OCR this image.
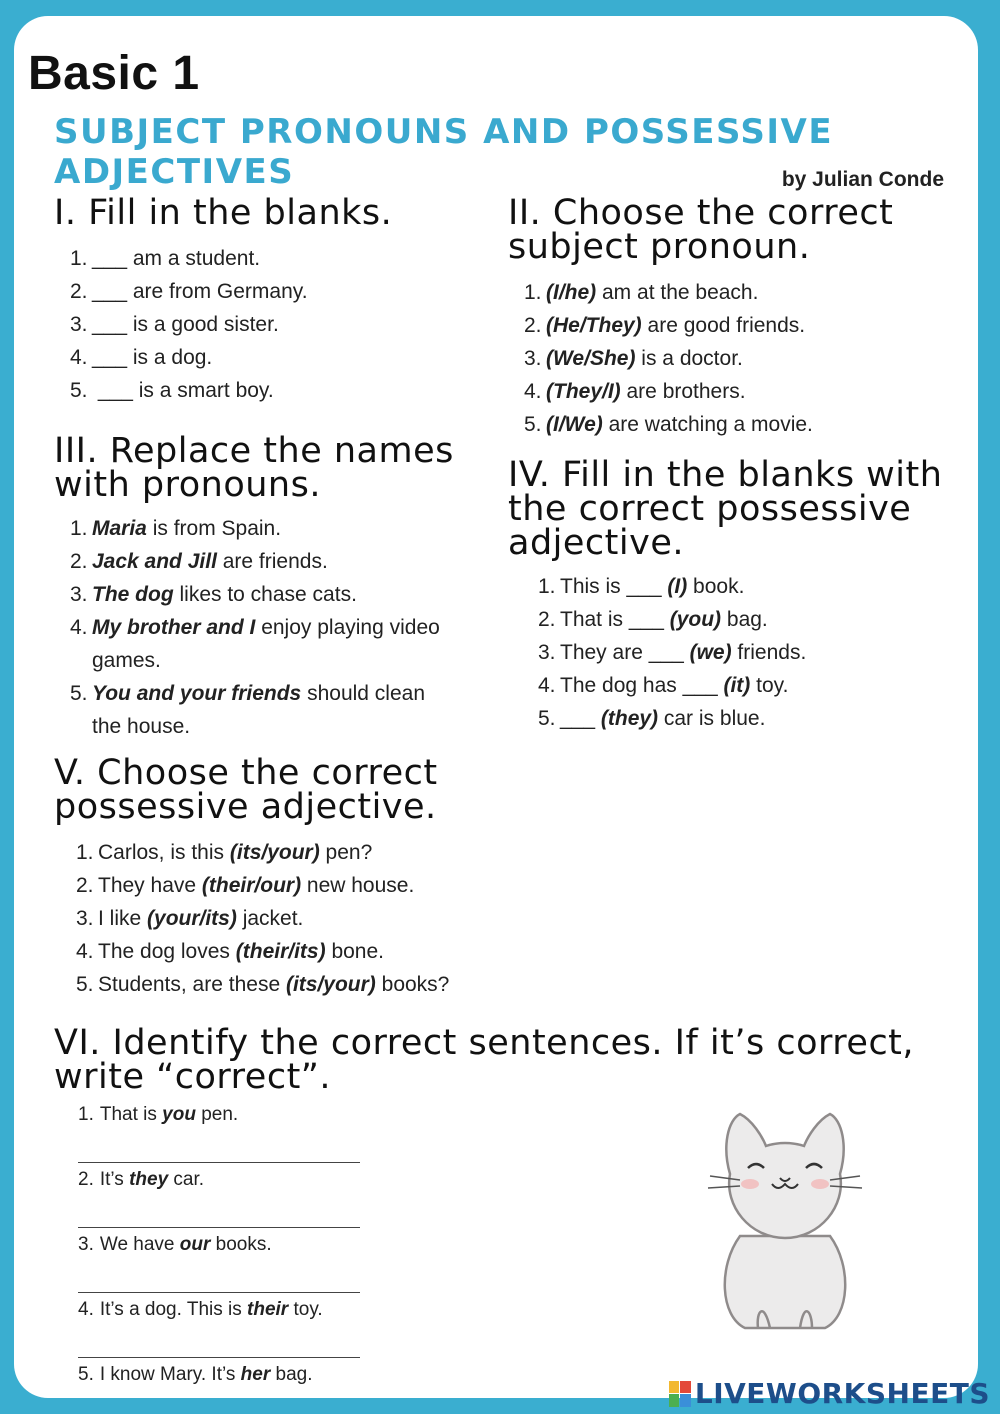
Basic 1
SUBJECT PRONOUNS AND POSSESSIVE ADJECTIVES	by Julian Conde
I. Fill in the blanks.
1. ___ am a student.
2. ___ are from Germany.
3. ___ is a good sister.
4. ___ is a dog.
5. ___ is a smart boy.
II. Choose the correct subject pronoun.
1. (I/he) am at the beach.
2. (He/They) are good friends.
3. (We/She) is a doctor.
4. (They/I) are brothers.
5. (I/We) are watching a movie.
III. Replace the names with pronouns.
1. Maria is from Spain.
2. Jack and Jill are friends.
3. The dog likes to chase cats.
4. My brother and I enjoy playing video games.
5. You and your friends should clean the house.
IV. Fill in the blanks with the correct possessive adjective.
1. This is ___ (I) book.
2. That is ___ (you) bag.
3. They are ___ (we) friends.
4. The dog has ___ (it) toy.
5. ___ (they) car is blue.
V. Choose the correct possessive adjective.
1. Carlos, is this (its/your) pen?
2. They have (their/our) new house.
3. I like (your/its) jacket.
4. The dog loves (their/its) bone.
5. Students, are these (its/your) books?
VI. Identify the correct sentences. If it’s correct, write “correct”.
1. That is you pen.
2. It’s they car.
3. We have our books.
4. It’s a dog. This is their toy.
5. I know Mary. It’s her bag.
LIVEWORKSHEETS
